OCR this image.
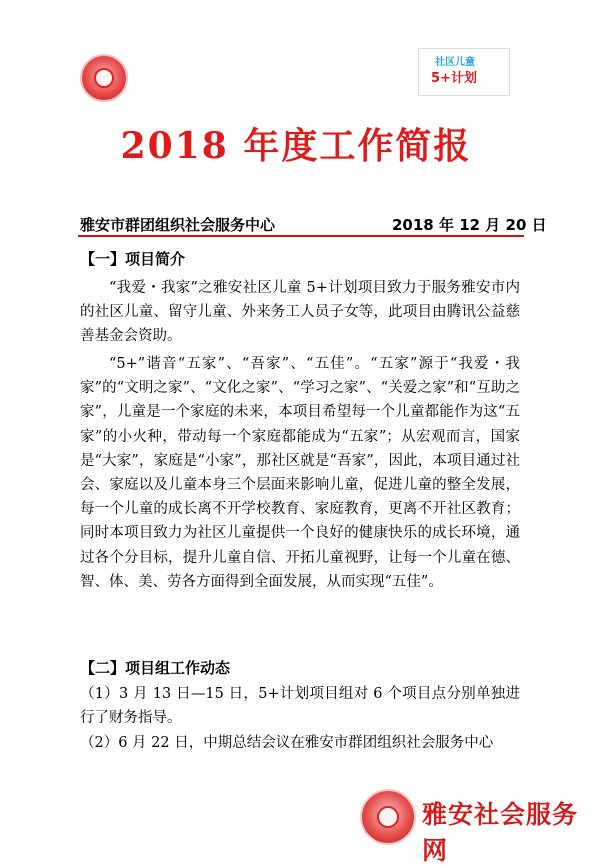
社区儿童
5+计划
2018 年度工作简报
雅安市群团组织社会服务中心	2018 年 12 月 20 日
【一】项目简介
“我爱・我家”之雅安社区儿童 5+计划项目致力于服务雅安市内的社区儿童、留守儿童、外来务工人员子女等，此项目由腾讯公益慈善基金会资助。
“5+”谐音“五家”、“吾家”、“五佳”。“五家”源于“我爱・我家”的“文明之家”、“文化之家”、“学习之家”、“关爱之家”和“互助之家”，儿童是一个家庭的未来，本项目希望每一个儿童都能作为这“五家”的小火种，带动每一个家庭都能成为“五家”；从宏观而言，国家是“大家”，家庭是“小家”，那社区就是“吾家”，因此，本项目通过社会、家庭以及儿童本身三个层面来影响儿童，促进儿童的整全发展，每一个儿童的成长离不开学校教育、家庭教育，更离不开社区教育；同时本项目致力为社区儿童提供一个良好的健康快乐的成长环境，通过各个分目标，提升儿童自信、开拓儿童视野，让每一个儿童在德、智、体、美、劳各方面得到全面发展，从而实现“五佳”。
【二】项目组工作动态
（1）3 月 13 日—15 日，5+计划项目组对 6 个项目点分别单独进行了财务指导。
（2）6 月 22 日，中期总结会议在雅安市群团组织社会服务中心
雅安社会服务网
